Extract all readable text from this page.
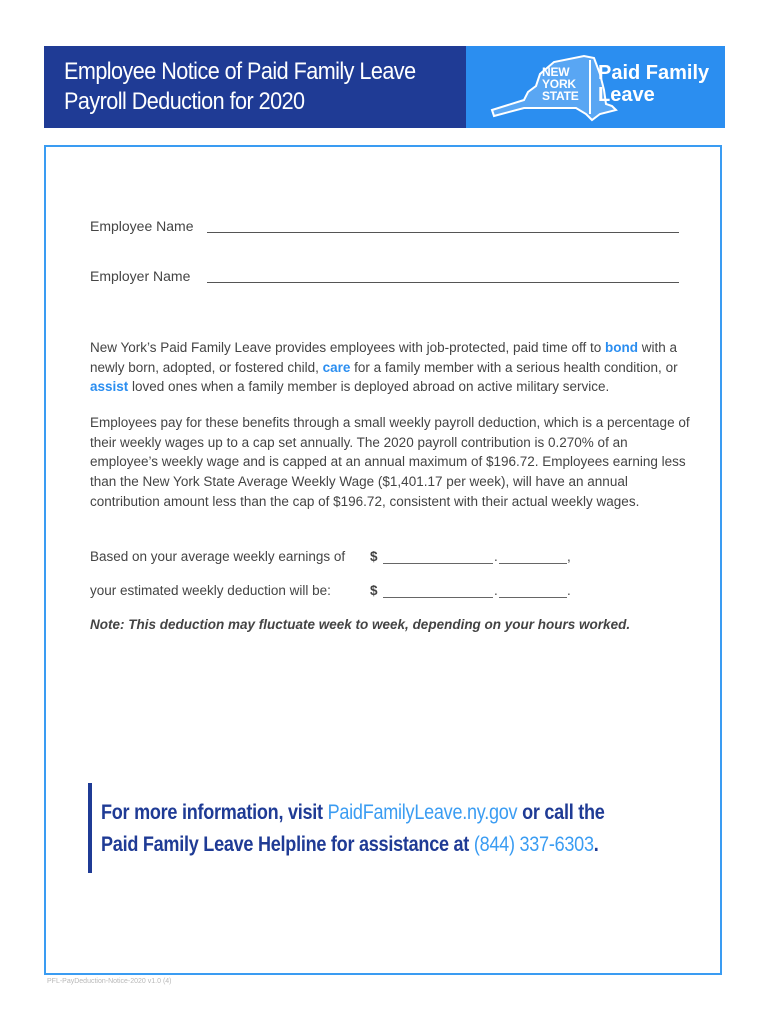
Employee Notice of Paid Family Leave
Payroll Deduction for 2020
NEW
YORK
STATE
Paid Family
Leave
Employee Name
Employer Name
New York’s Paid Family Leave provides employees with job-protected, paid time off to bond with a newly born, adopted, or fostered child, care for a family member with a serious health condition, or assist loved ones when a family member is deployed abroad on active military service.
Employees pay for these benefits through a small weekly payroll deduction, which is a percentage of their weekly wages up to a cap set annually. The 2020 payroll contribution is 0.270% of an employee’s weekly wage and is capped at an annual maximum of $196.72. Employees earning less than the New York State Average Weekly Wage ($1,401.17 per week), will have an annual contribution amount less than the cap of $196.72, consistent with their actual weekly wages.
Based on your average weekly earnings of $	.	,
your estimated weekly deduction will be:	$	.	.
Note: This deduction may fluctuate week to week, depending on your hours worked.
For more information, visit PaidFamilyLeave.ny.gov or call the
Paid Family Leave Helpline for assistance at (844) 337-6303.
PFL-PayDeduction-Notice-2020 v1.0 (4)
